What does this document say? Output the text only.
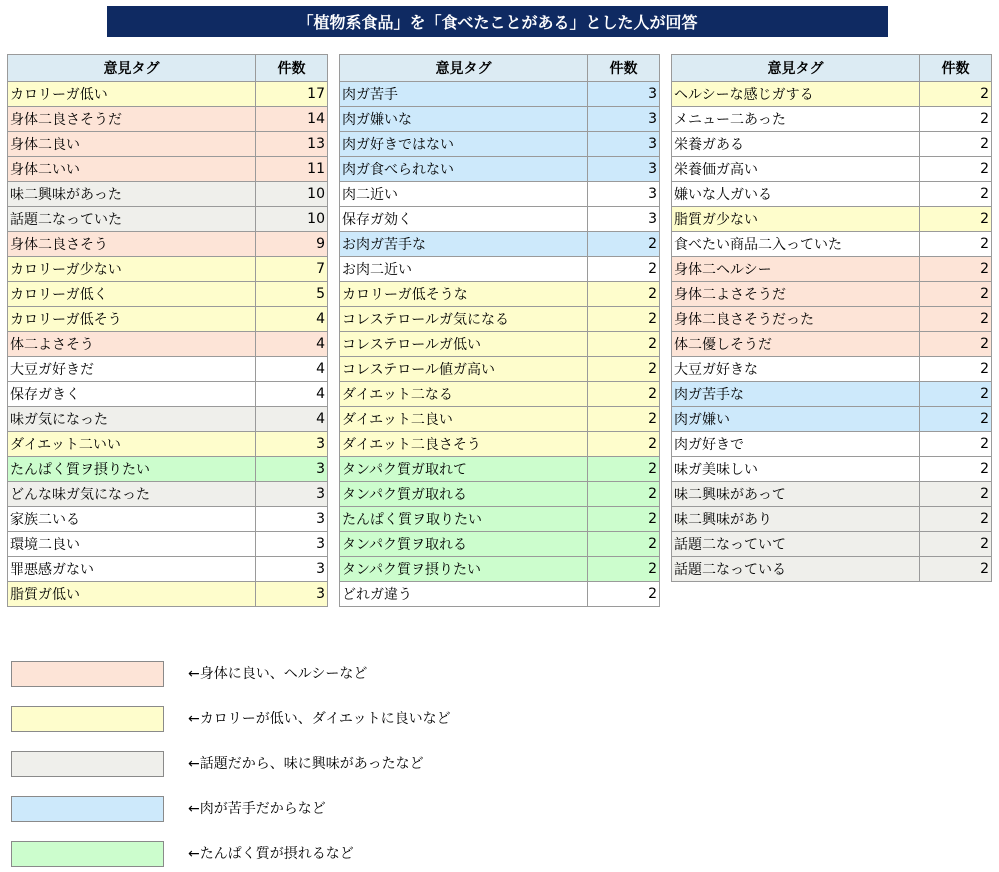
「植物系食品」を「食べたことがある」とした人が回答
意見タグ	件数
カロリーガ低い	17
身体二良さそうだ	14
身体二良い	13
身体二いい	11
味二興味があった	10
話題二なっていた	10
身体二良さそう	9
カロリーガ少ない	7
カロリーガ低く	5
カロリーガ低そう	4
体二よさそう	4
大豆ガ好きだ	4
保存ガきく	4
味ガ気になった	4
ダイエット二いい	3
たんぱく質ヲ摂りたい	3
どんな味ガ気になった	3
家族二いる	3
環境二良い	3
罪悪感ガない	3
脂質ガ低い	3
意見タグ	件数
肉ガ苦手	3
肉ガ嫌いな	3
肉ガ好きではない	3
肉ガ食べられない	3
肉二近い	3
保存ガ効く	3
お肉ガ苦手な	2
お肉二近い	2
カロリーガ低そうな	2
コレステロールガ気になる	2
コレステロールガ低い	2
コレステロール値ガ高い	2
ダイエット二なる	2
ダイエット二良い	2
ダイエット二良さそう	2
タンパク質ガ取れて	2
タンパク質ガ取れる	2
たんぱく質ヲ取りたい	2
タンパク質ヲ取れる	2
タンパク質ヲ摂りたい	2
どれガ違う	2
意見タグ	件数
ヘルシーな感じガする	2
メニュー二あった	2
栄養ガある	2
栄養価ガ高い	2
嫌いな人ガいる	2
脂質ガ少ない	2
食べたい商品二入っていた	2
身体二ヘルシー	2
身体二よさそうだ	2
身体二良さそうだった	2
体二優しそうだ	2
大豆ガ好きな	2
肉ガ苦手な	2
肉ガ嫌い	2
肉ガ好きで	2
味ガ美味しい	2
味二興味があって	2
味二興味があり	2
話題二なっていて	2
話題二なっている	2
←身体に良い、ヘルシーなど
←カロリーが低い、ダイエットに良いなど
←話題だから、味に興味があったなど
←肉が苦手だからなど
←たんぱく質が摂れるなど
